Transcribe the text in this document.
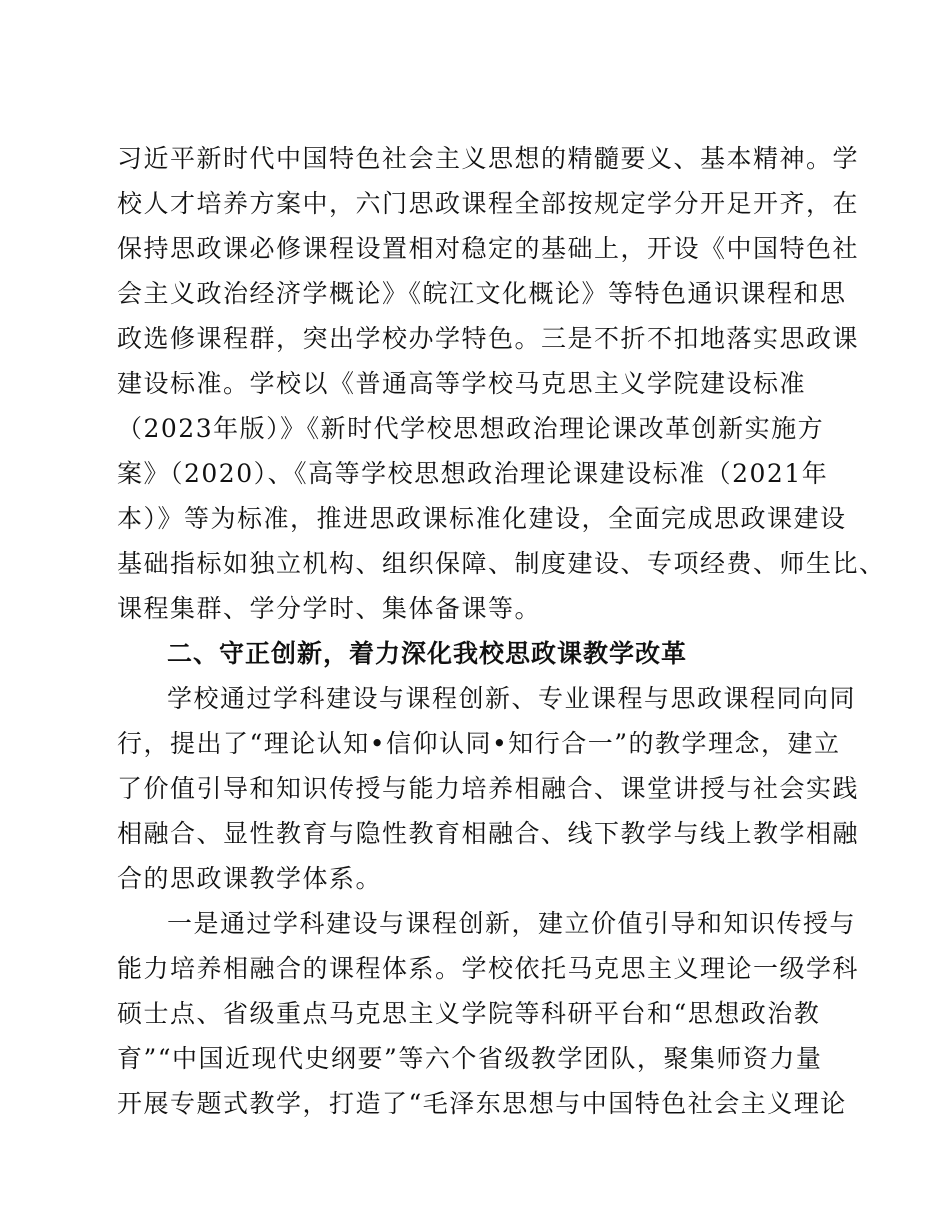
习近平新时代中国特色社会主义思想的精髓要义、基本精神。学
校人才培养方案中，六门思政课程全部按规定学分开足开齐，在
保持思政课必修课程设置相对稳定的基础上，开设《中国特色社
会主义政治经济学概论》《皖江文化概论》等特色通识课程和思
政选修课程群，突出学校办学特色。三是不折不扣地落实思政课
建设标准。学校以《普通高等学校马克思主义学院建设标准
（2023年版）》《新时代学校思想政治理论课改革创新实施方
案》（2020）、《高等学校思想政治理论课建设标准（2021年
本）》等为标准，推进思政课标准化建设，全面完成思政课建设
基础指标如独立机构、组织保障、制度建设、专项经费、师生比、
课程集群、学分学时、集体备课等。
二、守正创新，着力深化我校思政课教学改革
学校通过学科建设与课程创新、专业课程与思政课程同向同
行，提出了“理论认知•信仰认同•知行合一”的教学理念，建立
了价值引导和知识传授与能力培养相融合、课堂讲授与社会实践
相融合、显性教育与隐性教育相融合、线下教学与线上教学相融
合的思政课教学体系。
一是通过学科建设与课程创新，建立价值引导和知识传授与
能力培养相融合的课程体系。学校依托马克思主义理论一级学科
硕士点、省级重点马克思主义学院等科研平台和“思想政治教
育”“中国近现代史纲要”等六个省级教学团队，聚集师资力量
开展专题式教学，打造了“毛泽东思想与中国特色社会主义理论
